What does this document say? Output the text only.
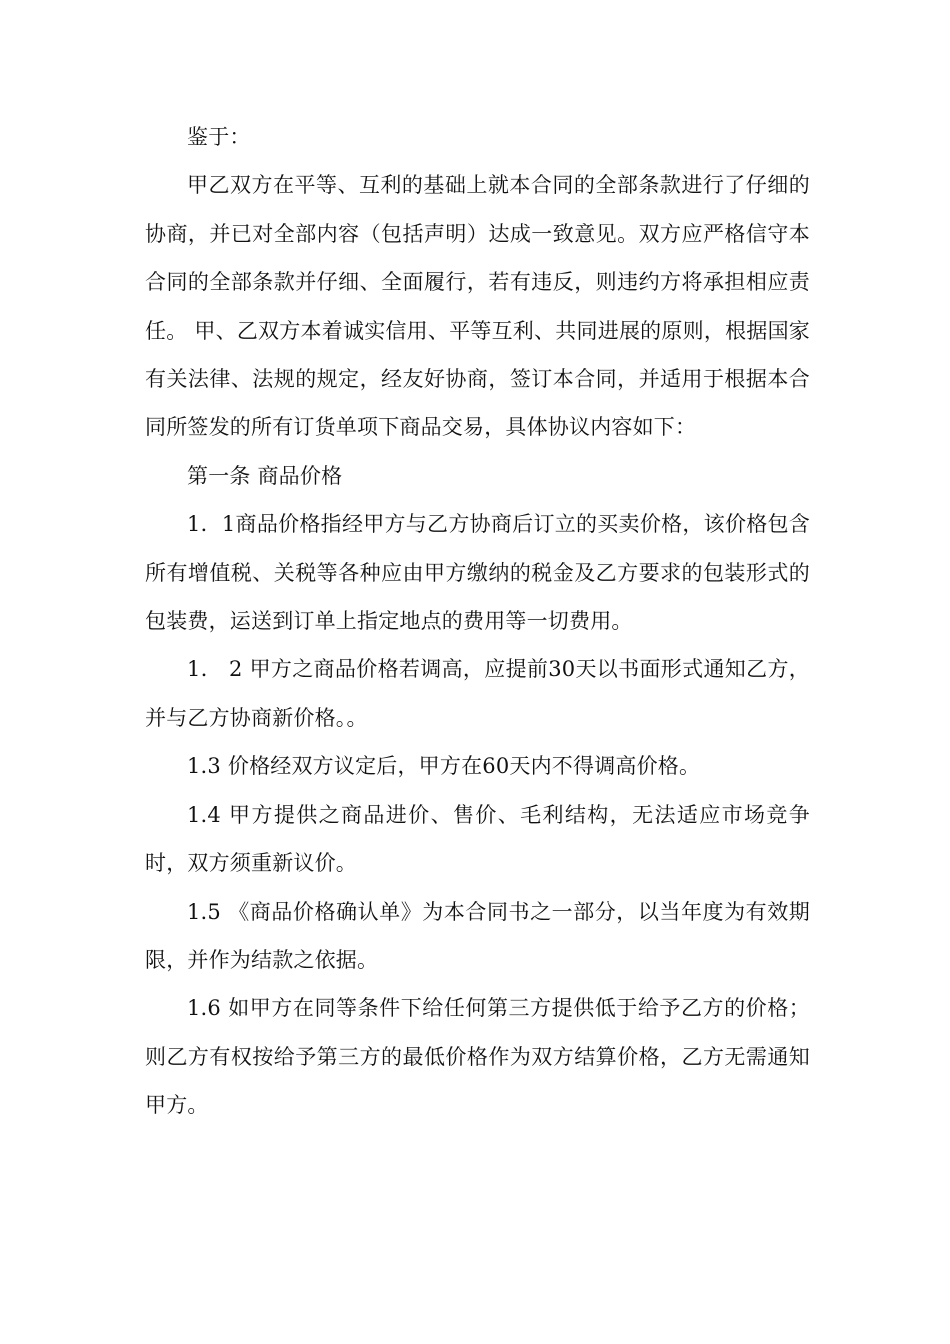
鉴于：

甲乙双方在平等、互利的基础上就本合同的全部条款进行了仔细的协商，并已对全部内容（包括声明）达成一致意见。双方应严格信守本合同的全部条款并仔细、全面履行，若有违反，则违约方将承担相应责任。 甲、乙双方本着诚实信用、平等互利、共同进展的原则，根据国家有关法律、法规的规定，经友好协商，签订本合同，并适用于根据本合同所签发的所有订货单项下商品交易，具体协议内容如下：

第一条 商品价格

1．1商品价格指经甲方与乙方协商后订立的买卖价格，该价格包含所有增值税、关税等各种应由甲方缴纳的税金及乙方要求的包装形式的包装费，运送到订单上指定地点的费用等一切费用。

1． 2 甲方之商品价格若调高，应提前30天以书面形式通知乙方，并与乙方协商新价格。。

1.3 价格经双方议定后，甲方在60天内不得调高价格。

1.4 甲方提供之商品进价、售价、毛利结构，无法适应市场竞争时，双方须重新议价。

1.5 《商品价格确认单》为本合同书之一部分，以当年度为有效期限，并作为结款之依据。

1.6 如甲方在同等条件下给任何第三方提供低于给予乙方的价格；则乙方有权按给予第三方的最低价格作为双方结算价格，乙方无需通知甲方。
